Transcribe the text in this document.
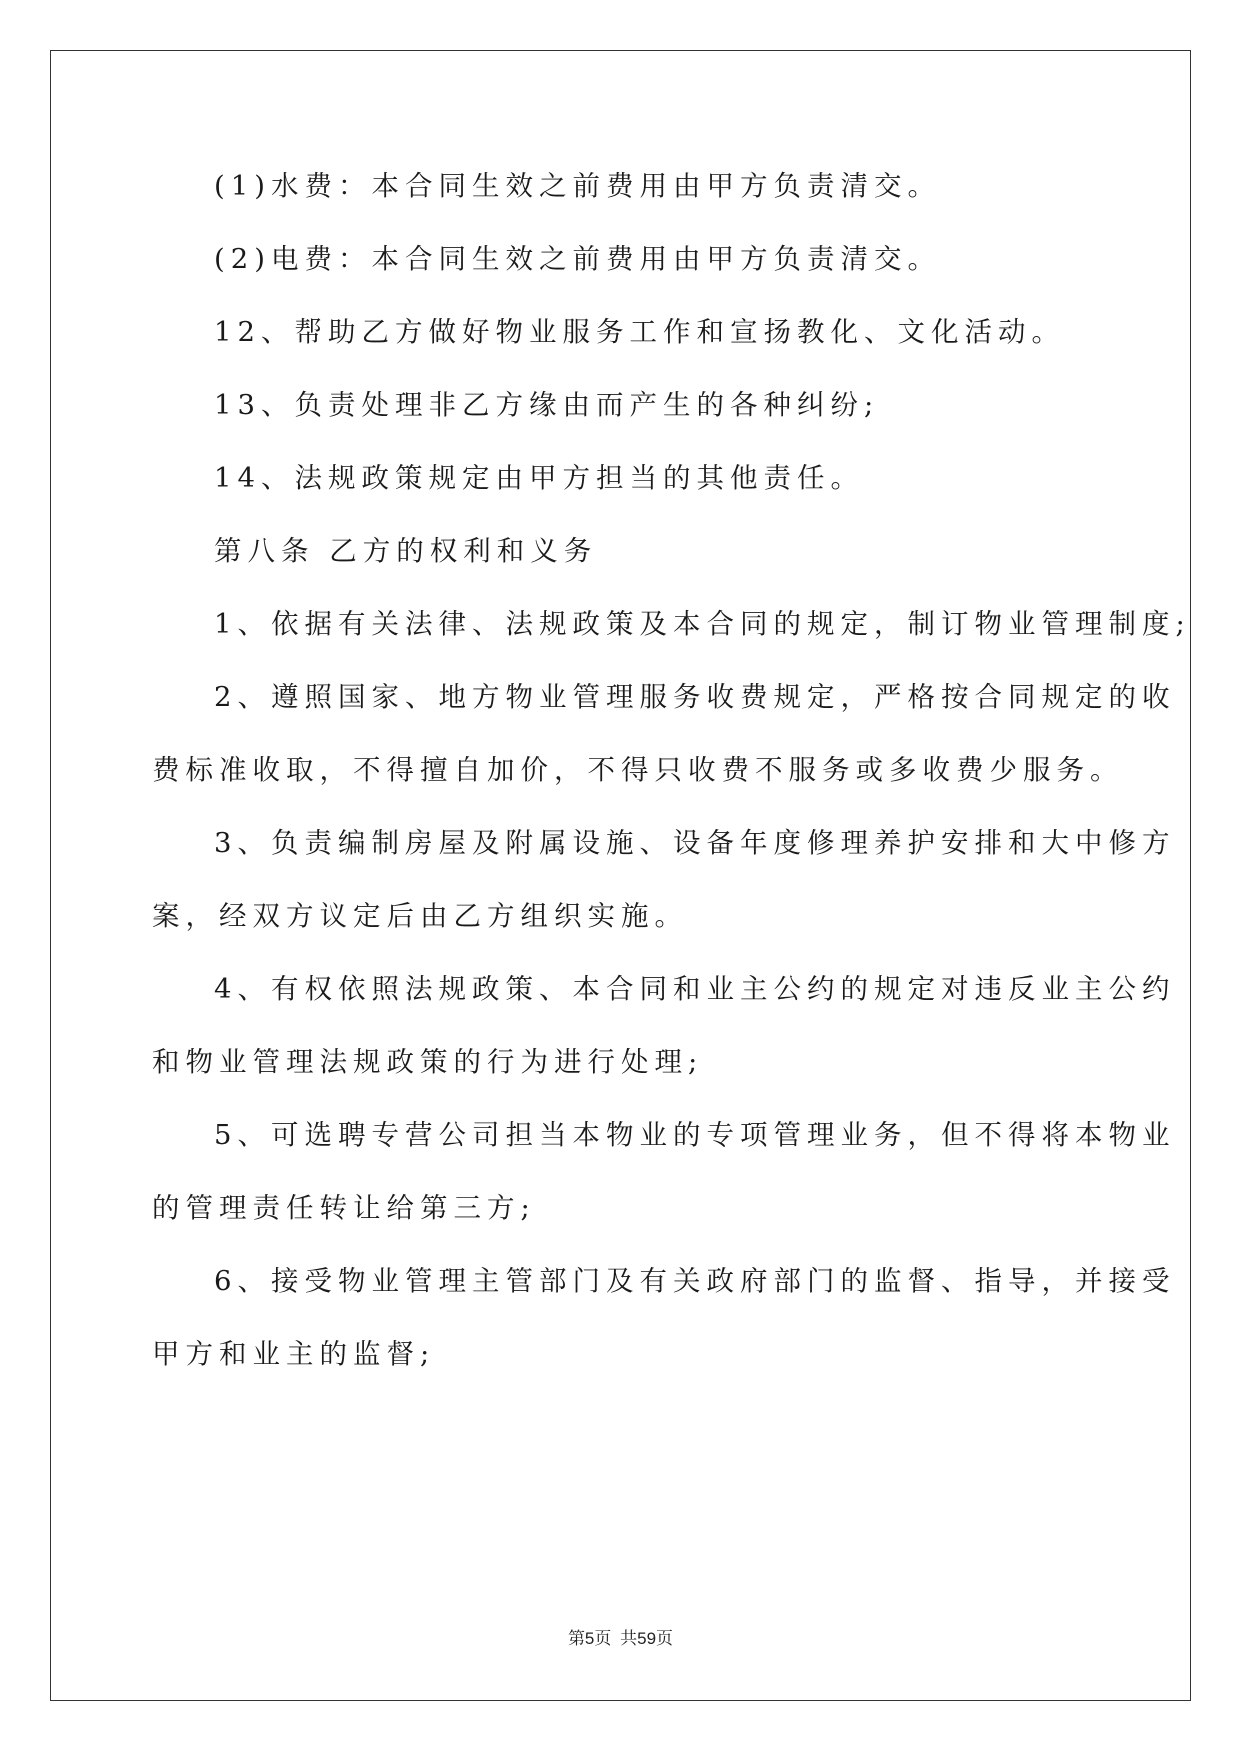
(1)水费：本合同生效之前费用由甲方负责清交。
(2)电费：本合同生效之前费用由甲方负责清交。
12、帮助乙方做好物业服务工作和宣扬教化、文化活动。
13、负责处理非乙方缘由而产生的各种纠纷;
14、法规政策规定由甲方担当的其他责任。
第八条 乙方的权利和义务
1、依据有关法律、法规政策及本合同的规定，制订物业管理制度;
2、遵照国家、地方物业管理服务收费规定，严格按合同规定的收
费标准收取，不得擅自加价，不得只收费不服务或多收费少服务。
3、负责编制房屋及附属设施、设备年度修理养护安排和大中修方
案，经双方议定后由乙方组织实施。
4、有权依照法规政策、本合同和业主公约的规定对违反业主公约
和物业管理法规政策的行为进行处理;
5、可选聘专营公司担当本物业的专项管理业务，但不得将本物业
的管理责任转让给第三方;
6、接受物业管理主管部门及有关政府部门的监督、指导，并接受
甲方和业主的监督;
第5页 共59页
